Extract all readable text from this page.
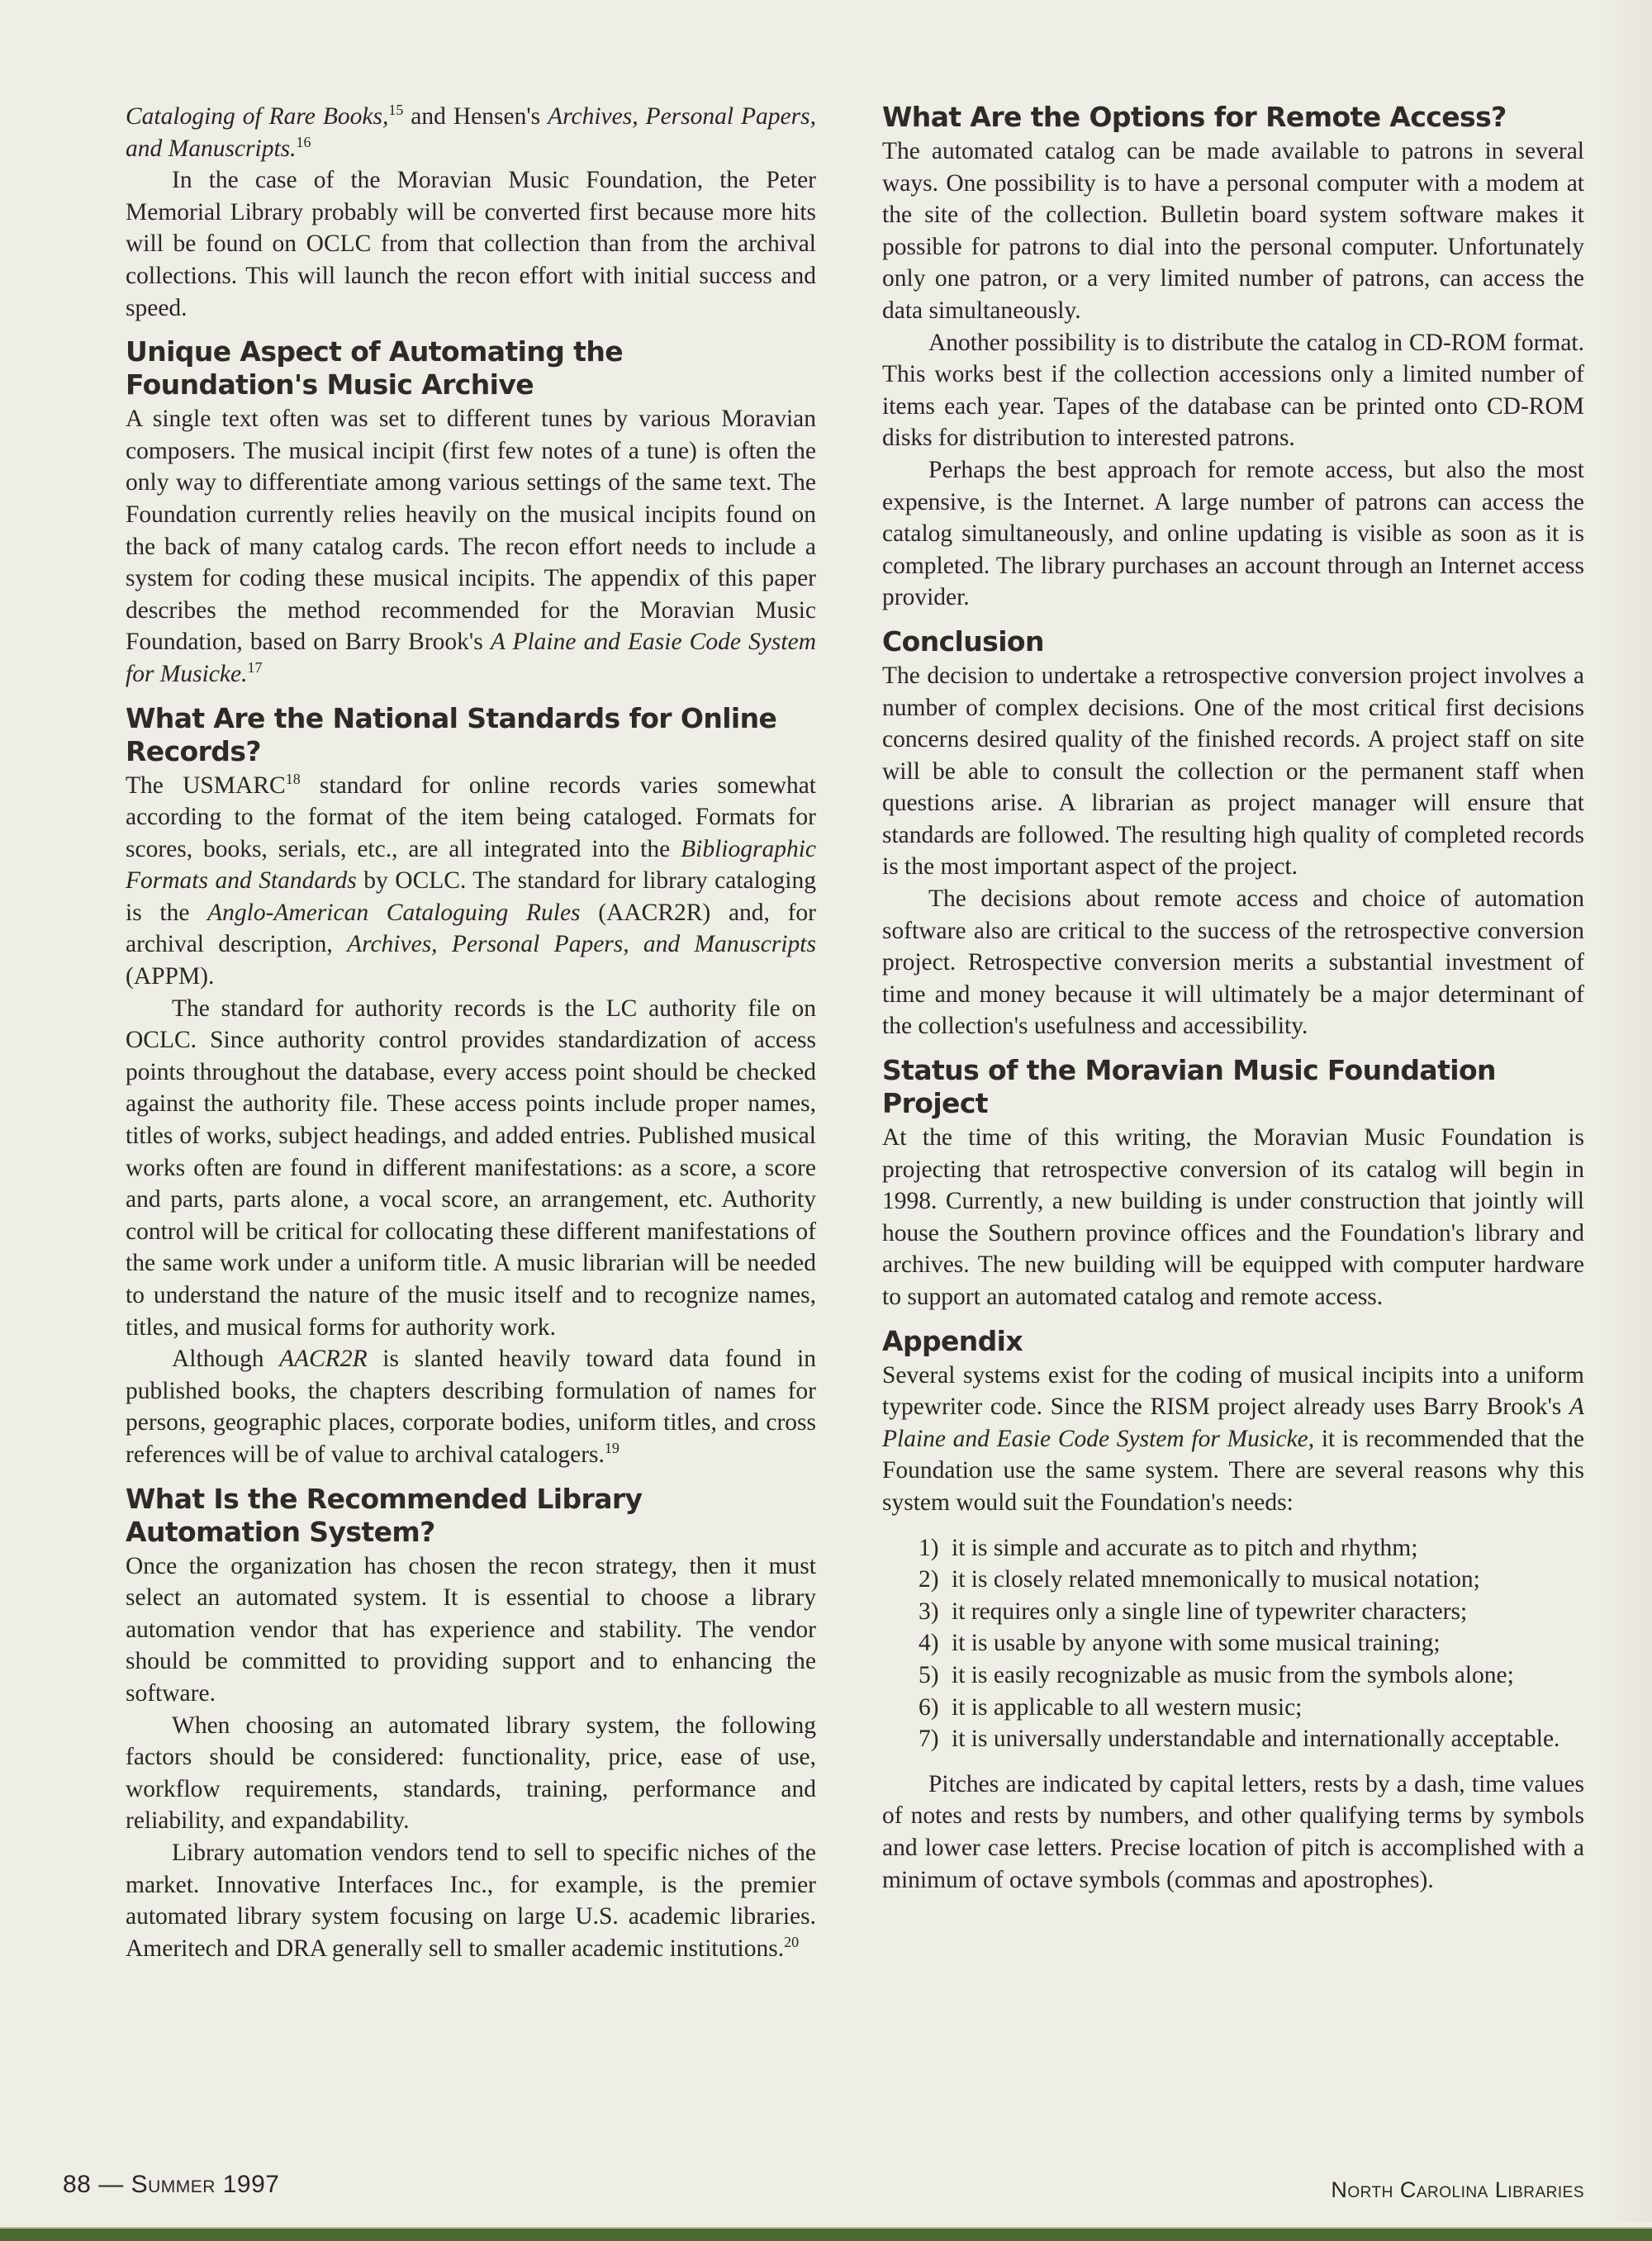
Cataloging of Rare Books,$^{15}$ and Hensen's Archives, Personal Papers, and Manuscripts.$^{16}$

In the case of the Moravian Music Foundation, the Peter Memorial Library probably will be converted first because more hits will be found on OCLC from that collection than from the archival collections. This will launch the recon effort with initial success and speed.

Unique Aspect of Automating the Foundation's Music Archive

A single text often was set to different tunes by various Moravian composers. The musical incipit (first few notes of a tune) is often the only way to differentiate among various settings of the same text. The Foundation currently relies heavily on the musical incipits found on the back of many catalog cards. The recon effort needs to include a system for coding these musical incipits. The appendix of this paper describes the method recommended for the Moravian Music Foundation, based on Barry Brook's A Plaine and Easie Code System for Musicke.$^{17}$

What Are the National Standards for Online Records?

The USMARC$^{18}$ standard for online records varies somewhat according to the format of the item being cataloged. Formats for scores, books, serials, etc., are all integrated into the Bibliographic Formats and Standards by OCLC. The standard for library cataloging is the Anglo-American Cataloguing Rules (AACR2R) and, for archival description, Archives, Personal Papers, and Manuscripts (APPM).

The standard for authority records is the LC authority file on OCLC. Since authority control provides standardization of access points throughout the database, every access point should be checked against the authority file. These access points include proper names, titles of works, subject headings, and added entries. Published musical works often are found in different manifestations: as a score, a score and parts, parts alone, a vocal score, an arrangement, etc. Authority control will be critical for collocating these different manifestations of the same work under a uniform title. A music librarian will be needed to understand the nature of the music itself and to recognize names, titles, and musical forms for authority work.

Although AACR2R is slanted heavily toward data found in published books, the chapters describing formulation of names for persons, geographic places, corporate bodies, uniform titles, and cross references will be of value to archival catalogers.$^{19}$

What Is the Recommended Library Automation System?

Once the organization has chosen the recon strategy, then it must select an automated system. It is essential to choose a library automation vendor that has experience and stability. The vendor should be committed to providing support and to enhancing the software.

When choosing an automated library system, the following factors should be considered: functionality, price, ease of use, workflow requirements, standards, training, performance and reliability, and expandability.

Library automation vendors tend to sell to specific niches of the market. Innovative Interfaces Inc., for example, is the premier automated library system focusing on large U.S. academic libraries. Ameritech and DRA generally sell to smaller academic institutions.$^{20}$

What Are the Options for Remote Access?

The automated catalog can be made available to patrons in several ways. One possibility is to have a personal computer with a modem at the site of the collection. Bulletin board system software makes it possible for patrons to dial into the personal computer. Unfortunately only one patron, or a very limited number of patrons, can access the data simultaneously.

Another possibility is to distribute the catalog in CD-ROM format. This works best if the collection accessions only a limited number of items each year. Tapes of the database can be printed onto CD-ROM disks for distribution to interested patrons.

Perhaps the best approach for remote access, but also the most expensive, is the Internet. A large number of patrons can access the catalog simultaneously, and online updating is visible as soon as it is completed. The library purchases an account through an Internet access provider.

Conclusion

The decision to undertake a retrospective conversion project involves a number of complex decisions. One of the most critical first decisions concerns desired quality of the finished records. A project staff on site will be able to consult the collection or the permanent staff when questions arise. A librarian as project manager will ensure that standards are followed. The resulting high quality of completed records is the most important aspect of the project.

The decisions about remote access and choice of automation software also are critical to the success of the retrospective conversion project. Retrospective conversion merits a substantial investment of time and money because it will ultimately be a major determinant of the collection's usefulness and accessibility.

Status of the Moravian Music Foundation Project

At the time of this writing, the Moravian Music Foundation is projecting that retrospective conversion of its catalog will begin in 1998. Currently, a new building is under construction that jointly will house the Southern province offices and the Foundation's library and archives. The new building will be equipped with computer hardware to support an automated catalog and remote access.

Appendix

Several systems exist for the coding of musical incipits into a uniform typewriter code. Since the RISM project already uses Barry Brook's A Plaine and Easie Code System for Musicke, it is recommended that the Foundation use the same system. There are several reasons why this system would suit the Foundation's needs:

1) it is simple and accurate as to pitch and rhythm;
2) it is closely related mnemonically to musical notation;
3) it requires only a single line of typewriter characters;
4) it is usable by anyone with some musical training;
5) it is easily recognizable as music from the symbols alone;
6) it is applicable to all western music;
7) it is universally understandable and internationally acceptable.

Pitches are indicated by capital letters, rests by a dash, time values of notes and rests by numbers, and other qualifying terms by symbols and lower case letters. Precise location of pitch is accomplished with a minimum of octave symbols (commas and apostrophes).

88 — Summer 1997	North Carolina Libraries
